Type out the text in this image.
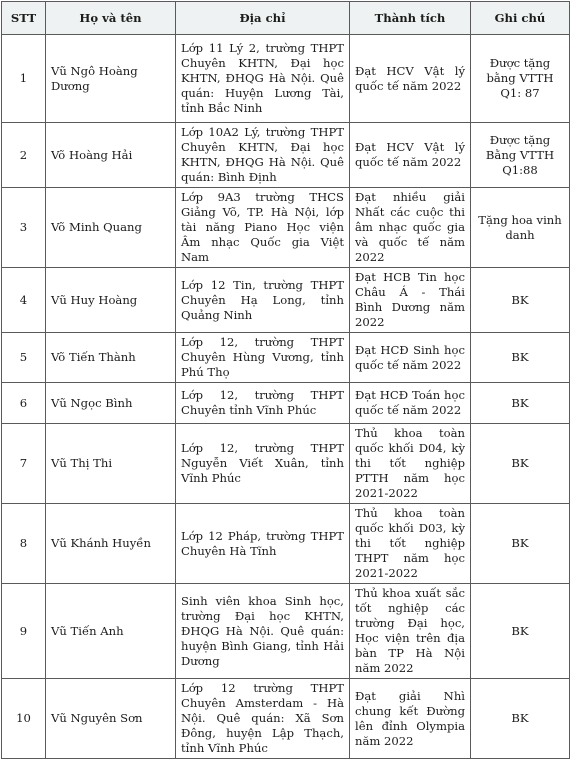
STT	Họ và tên	Địa chỉ	Thành tích	Ghi chú
1	Vũ Ngô Hoàng Dương	Lớp 11 Lý 2, trường THPT Chuyên KHTN, Đại học KHTN, ĐHQG Hà Nội. Quê quán: Huyện Lương Tài, tỉnh Bắc Ninh	Đạt HCV Vật lý quốc tế năm 2022	Được tặng bằng VTTH Q1: 87
2	Võ Hoàng Hải	Lớp 10A2 Lý, trường THPT Chuyên KHTN, Đại học KHTN, ĐHQG Hà Nội. Quê quán: Bình Định	Đạt HCV Vật lý quốc tế năm 2022	Được tặng Bằng VTTH Q1:88
3	Võ Minh Quang	Lớp 9A3 trường THCS Giảng Võ, TP. Hà Nội, lớp tài năng Piano Học viện Âm nhạc Quốc gia Việt Nam	Đạt nhiều giải Nhất các cuộc thi âm nhạc quốc gia và quốc tế năm 2022	Tặng hoa vinh danh
4	Vũ Huy Hoàng	Lớp 12 Tin, trường THPT Chuyên Hạ Long, tỉnh Quảng Ninh	Đạt HCB Tin học Châu Á - Thái Bình Dương năm 2022	BK
5	Võ Tiến Thành	Lớp 12, trường THPT Chuyên Hùng Vương, tỉnh Phú Thọ	Đạt HCĐ Sinh học quốc tế năm 2022	BK
6	Vũ Ngọc Bình	Lớp 12, trường THPT Chuyên tỉnh Vĩnh Phúc	Đạt HCĐ Toán học quốc tế năm 2022	BK
7	Vũ Thị Thi	Lớp 12, trường THPT Nguyễn Viết Xuân, tỉnh Vĩnh Phúc	Thủ khoa toàn quốc khối D04, kỳ thi tốt nghiệp PTTH năm học 2021-2022	BK
8	Vũ Khánh Huyền	Lớp 12 Pháp, trường THPT Chuyên Hà Tĩnh	Thủ khoa toàn quốc khối D03, kỳ thi tốt nghiệp THPT năm học 2021-2022	BK
9	Vũ Tiến Anh	Sinh viên khoa Sinh học, trường Đại học KHTN, ĐHQG Hà Nội. Quê quán: huyện Bình Giang, tỉnh Hải Dương	Thủ khoa xuất sắc tốt nghiệp các trường Đại học, Học viện trên địa bàn TP Hà Nội năm 2022	BK
10	Vũ Nguyên Sơn	Lớp 12 trường THPT Chuyên Amsterdam - Hà Nội. Quê quán: Xã Sơn Đông, huyện Lập Thạch, tỉnh Vĩnh Phúc	Đạt giải Nhì chung kết Đường lên đỉnh Olympia năm 2022	BK
